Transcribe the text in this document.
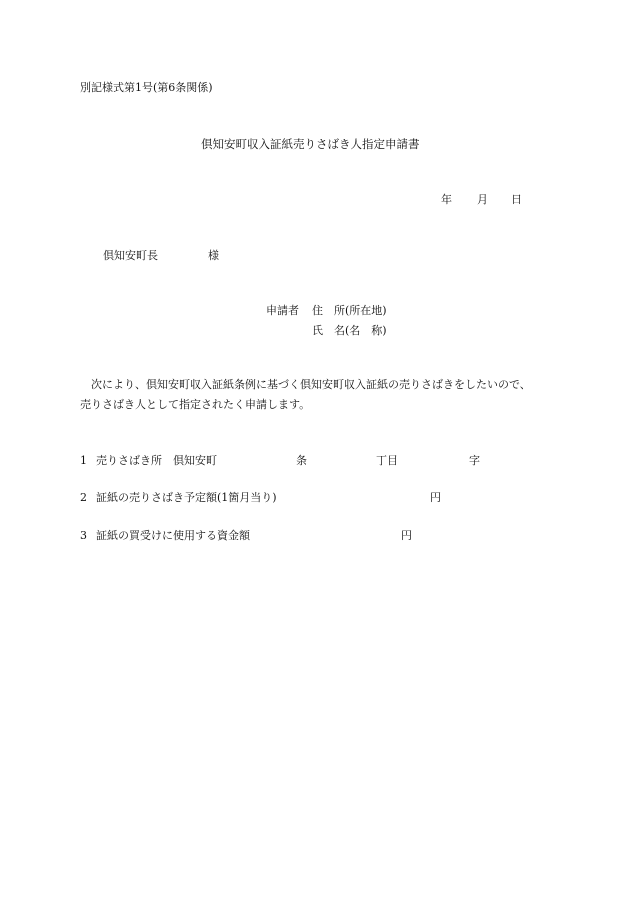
別記様式第1号(第6条関係)
倶知安町収入証紙売りさばき人指定申請書
年 月 日
倶知安町長	様
申請者 住　所(所在地)
氏　名(名　称)
次により、倶知安町収入証紙条例に基づく倶知安町収入証紙の売りさばきをしたいので、
売りさばき人として指定されたく申請します。
1 売りさばき所　倶知安町	条	丁目	字
2 証紙の売りさばき予定額(1箇月当り)	円
3 証紙の買受けに使用する資金額	円
